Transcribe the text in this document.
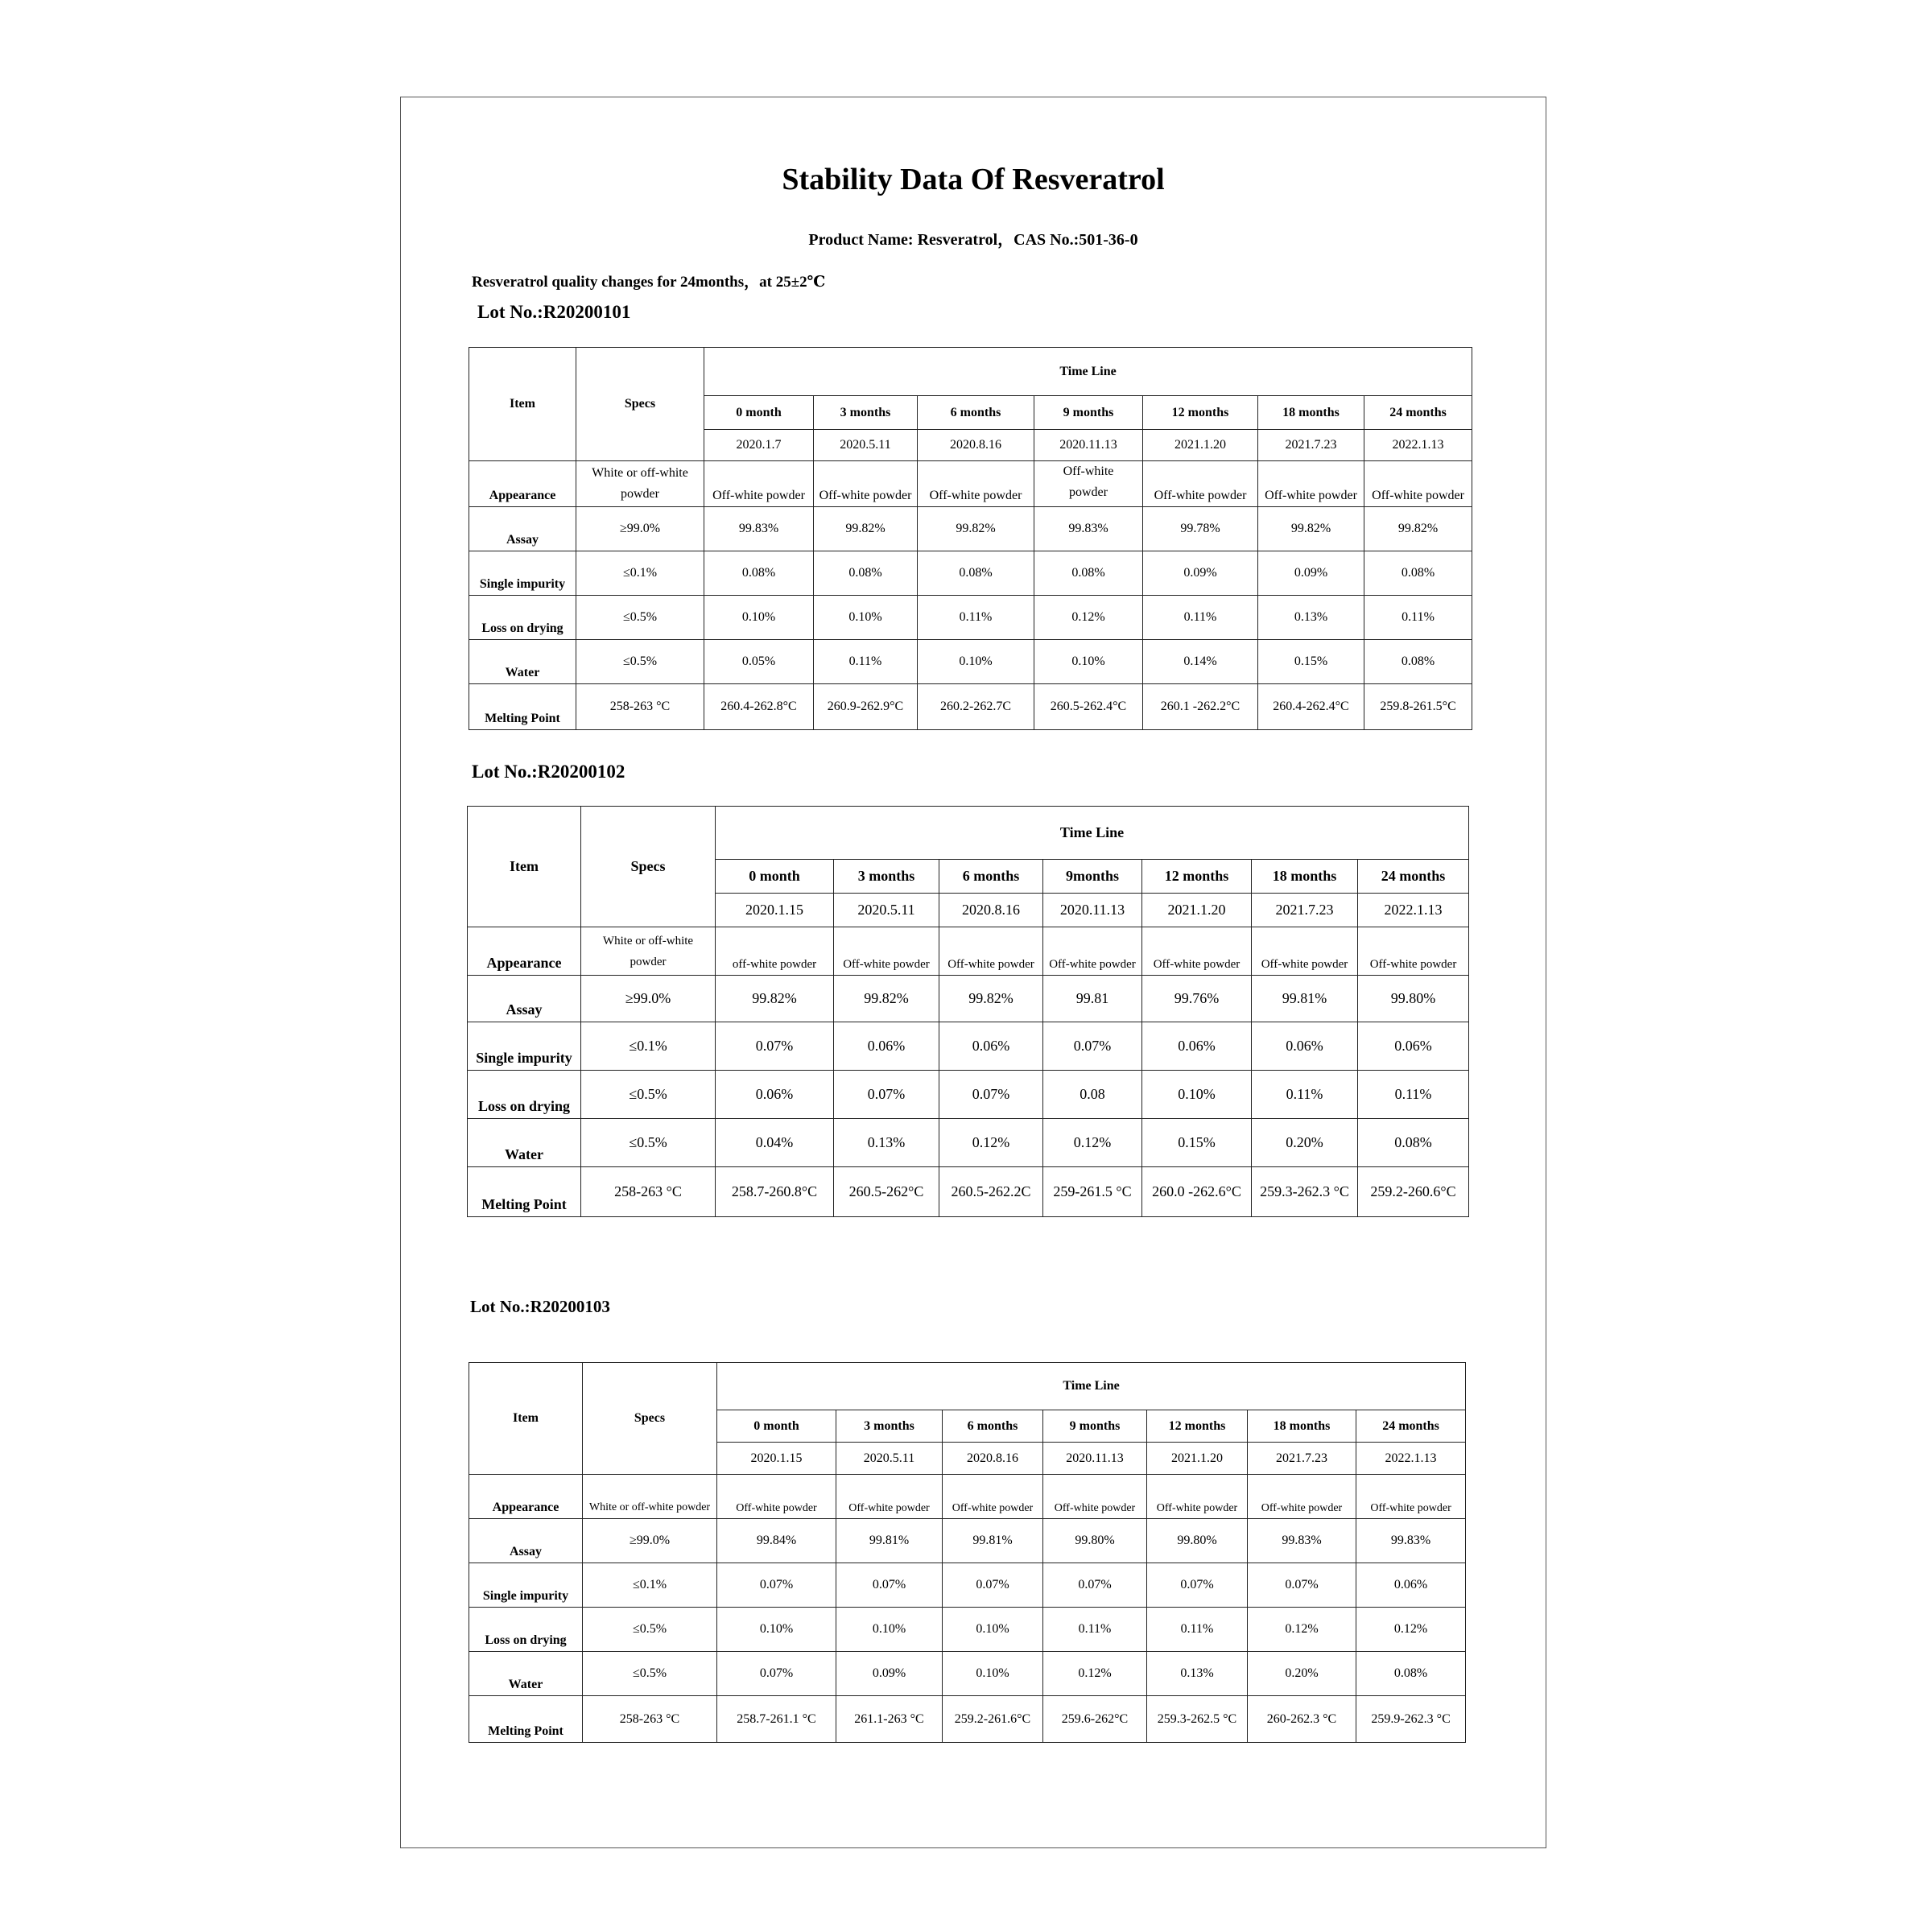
Stability Data Of Resveratrol
Product Name: Resveratrol，CAS No.:501-36-0
Resveratrol quality changes for 24months，at 25±2℃
Lot No.:R20200101
Item	Specs	Time Line						
		0 month	3 months	6 months	9 months	12 months	18 months	24 months
		2020.1.7	2020.5.11	2020.8.16	2020.11.13	2021.1.20	2021.7.23	2022.1.13
Appearance	White or off-white powder	Off-white powder	Off-white powder	Off-white powder	Off-white powder	Off-white powder	Off-white powder	Off-white powder
Assay	≥99.0%	99.83%	99.82%	99.82%	99.83%	99.78%	99.82%	99.82%
Single impurity	≤0.1%	0.08%	0.08%	0.08%	0.08%	0.09%	0.09%	0.08%
Loss on drying	≤0.5%	0.10%	0.10%	0.11%	0.12%	0.11%	0.13%	0.11%
Water	≤0.5%	0.05%	0.11%	0.10%	0.10%	0.14%	0.15%	0.08%
Melting Point	258-263 °C	260.4-262.8°C	260.9-262.9°C	260.2-262.7C	260.5-262.4°C	260.1 -262.2°C	260.4-262.4°C	259.8-261.5°C
Lot No.:R20200102
Item	Specs	Time Line						
		0 month	3 months	6 months	9months	12 months	18 months	24 months
		2020.1.15	2020.5.11	2020.8.16	2020.11.13	2021.1.20	2021.7.23	2022.1.13
Appearance	White or off-white powder	off-white powder	Off-white powder	Off-white powder	Off-white powder	Off-white powder	Off-white powder	Off-white powder
Assay	≥99.0%	99.82%	99.82%	99.82%	99.81	99.76%	99.81%	99.80%
Single impurity	≤0.1%	0.07%	0.06%	0.06%	0.07%	0.06%	0.06%	0.06%
Loss on drying	≤0.5%	0.06%	0.07%	0.07%	0.08	0.10%	0.11%	0.11%
Water	≤0.5%	0.04%	0.13%	0.12%	0.12%	0.15%	0.20%	0.08%
Melting Point	258-263 °C	258.7-260.8°C	260.5-262°C	260.5-262.2C	259-261.5 °C	260.0 -262.6°C	259.3-262.3 °C	259.2-260.6°C
Lot No.:R20200103
Item	Specs	Time Line						
		0 month	3 months	6 months	9 months	12 months	18 months	24 months
		2020.1.15	2020.5.11	2020.8.16	2020.11.13	2021.1.20	2021.7.23	2022.1.13
Appearance	White or off-white powder	Off-white powder	Off-white powder	Off-white powder	Off-white powder	Off-white powder	Off-white powder	Off-white powder
Assay	≥99.0%	99.84%	99.81%	99.81%	99.80%	99.80%	99.83%	99.83%
Single impurity	≤0.1%	0.07%	0.07%	0.07%	0.07%	0.07%	0.07%	0.06%
Loss on drying	≤0.5%	0.10%	0.10%	0.10%	0.11%	0.11%	0.12%	0.12%
Water	≤0.5%	0.07%	0.09%	0.10%	0.12%	0.13%	0.20%	0.08%
Melting Point	258-263 °C	258.7-261.1 °C	261.1-263 °C	259.2-261.6°C	259.6-262°C	259.3-262.5 °C	260-262.3 °C	259.9-262.3 °C
